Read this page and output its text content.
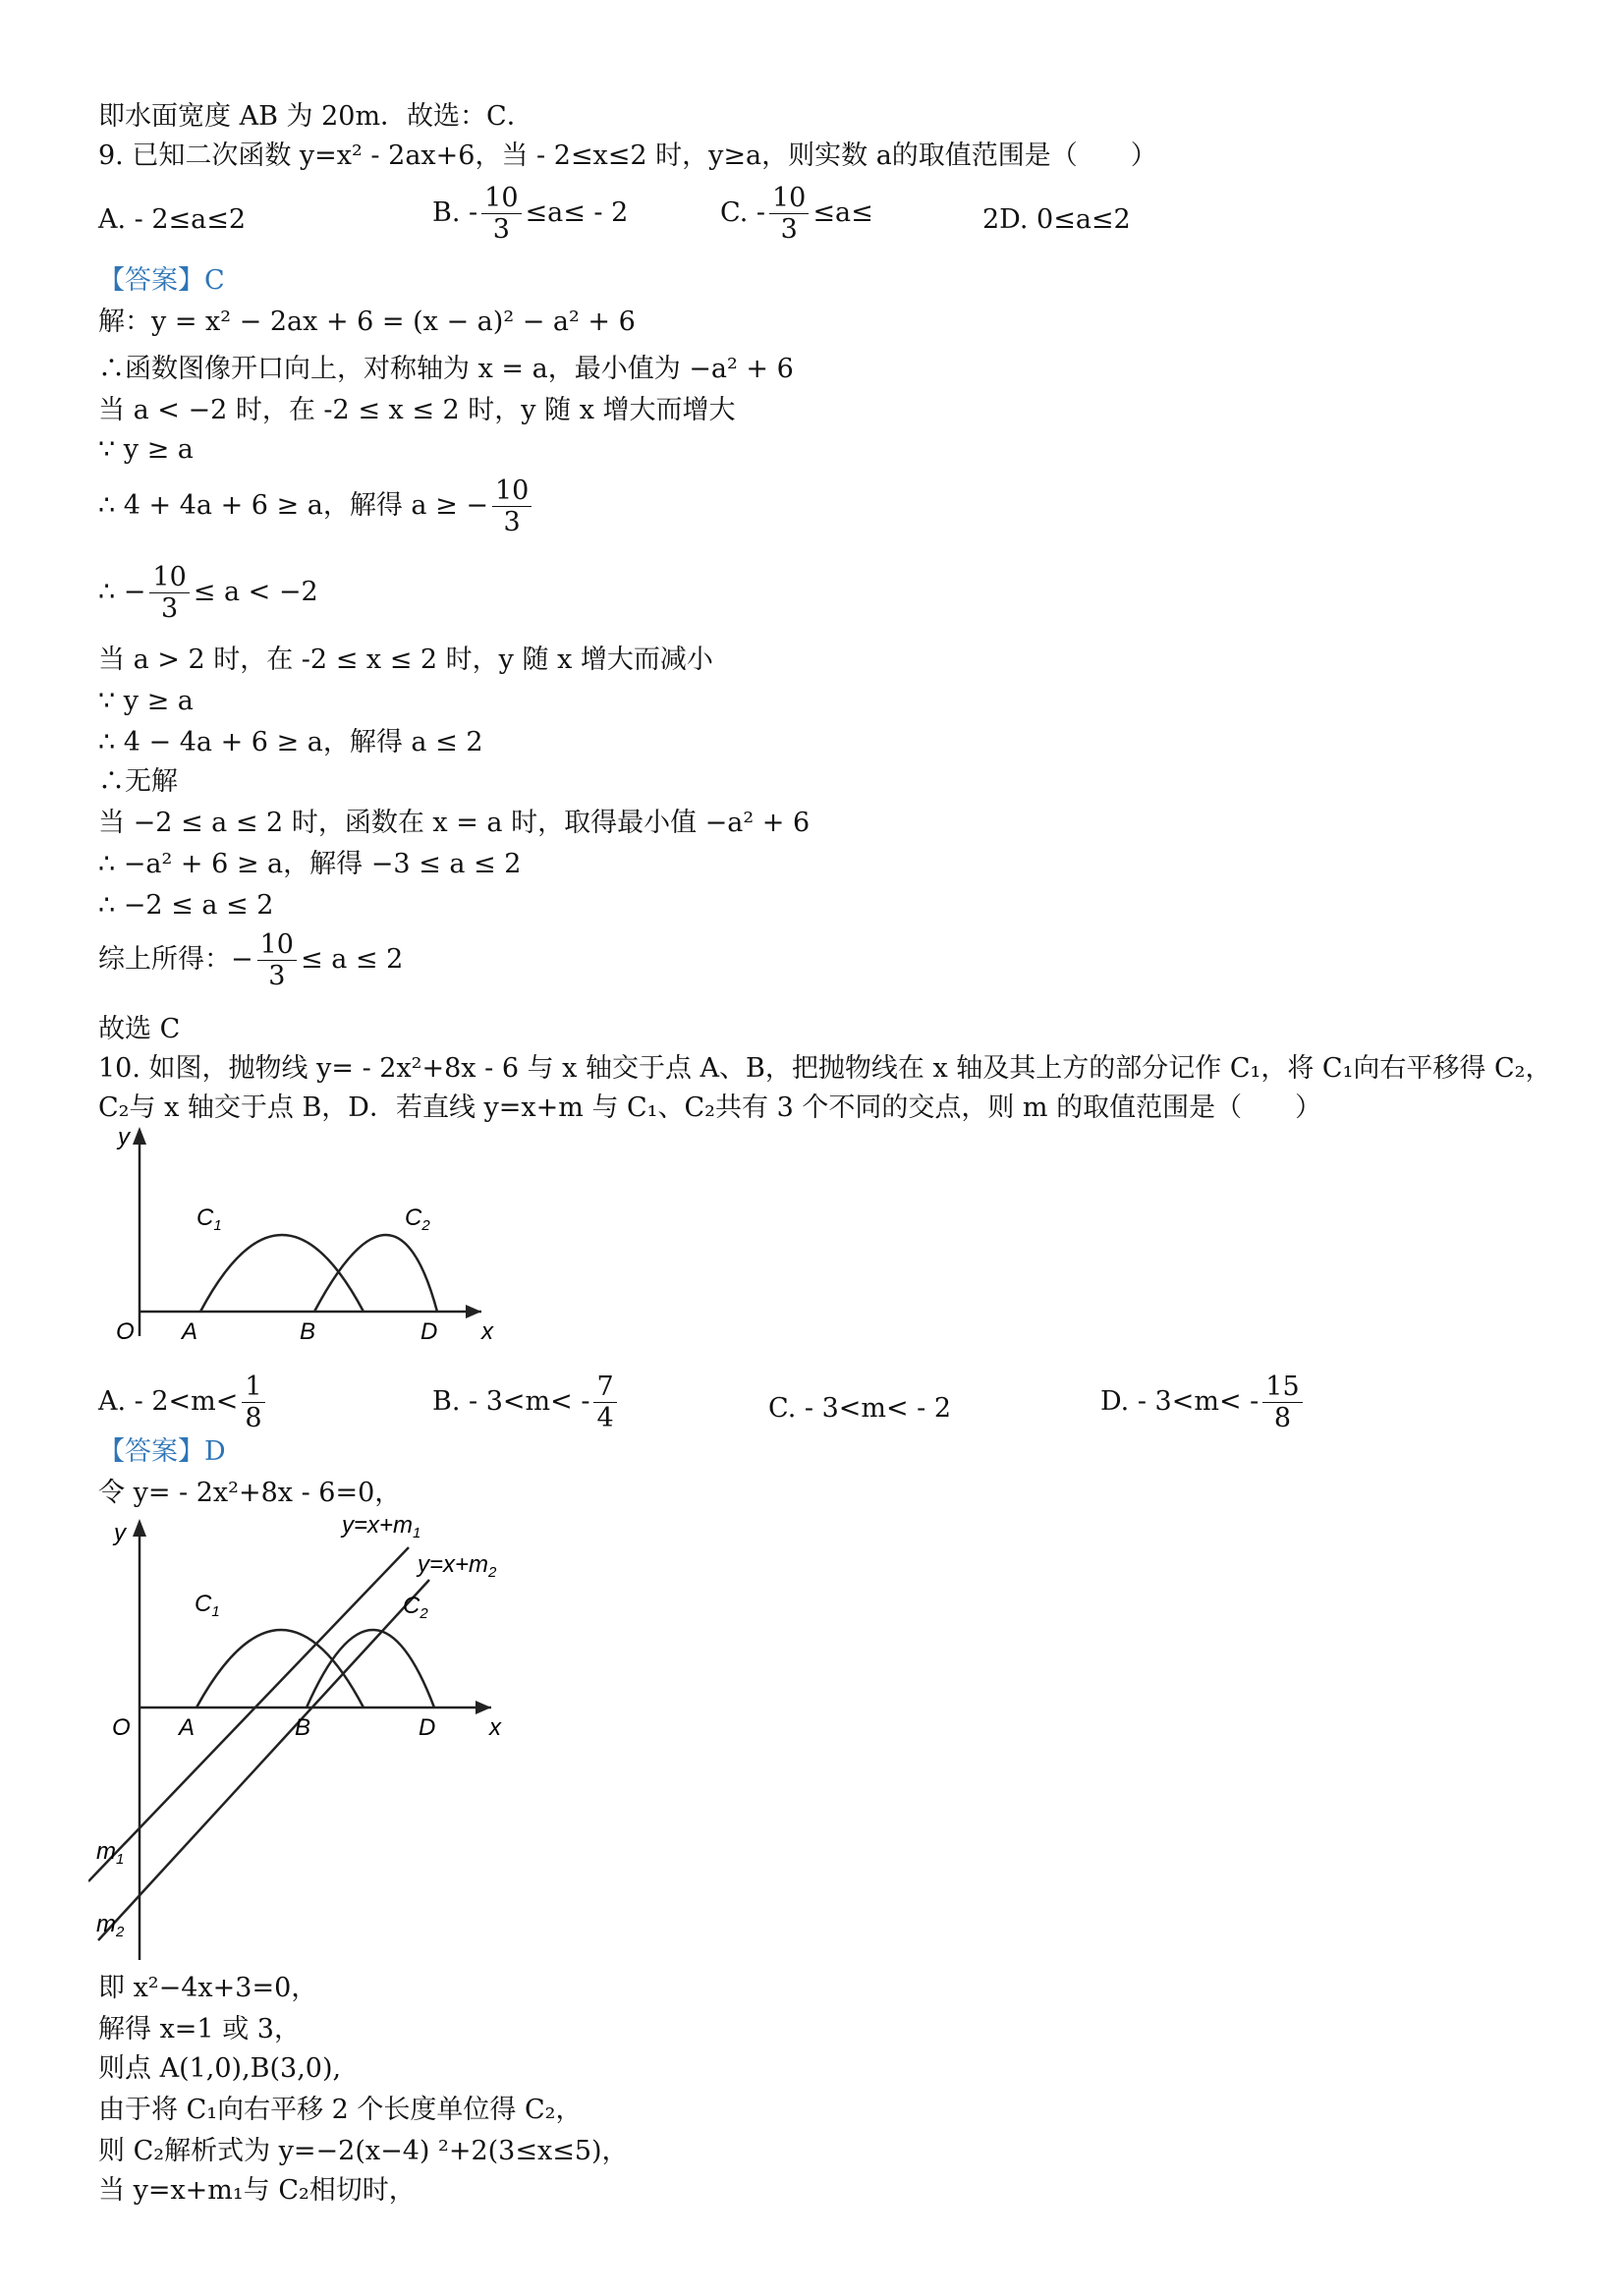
即水面宽度 AB 为 20m．故选：C．
9. 已知二次函数 y=x² - 2ax+6，当 - 2≤x≤2 时，y≥a，则实数 a的取值范围是（　　）
A. - 2≤a≤2	B. - $\frac{10}{3} \le a\le - 2$	C. - $\frac{10}{3} \le a\le$	2D. 0≤a≤2
【答案】C
解：y = x² − 2ax + 6 = (x − a)² − a² + 6
∴函数图像开口向上，对称轴为 x = a，最小值为 −a² + 6
当 a < −2 时，在 -2 ≤ x ≤ 2 时，y 随 x 增大而增大
∵ y ≥ a
∴ 4 + 4a + 6 ≥ a，解得 a ≥ − $\frac{10}{3}$
∴ − $\frac{10}{3} \le a < -2$
当 a > 2 时，在 -2 ≤ x ≤ 2 时，y 随 x 增大而减小
∵ y ≥ a
∴ 4 − 4a + 6 ≥ a，解得 a ≤ 2
∴无解
当 −2 ≤ a ≤ 2 时，函数在 x = a 时，取得最小值 −a² + 6
∴ −a² + 6 ≥ a，解得 −3 ≤ a ≤ 2
∴ −2 ≤ a ≤ 2
综上所得：− $\frac{10}{3} \le a \le 2$
故选 C
10. 如图，抛物线 y= - 2x²+8x - 6 与 x 轴交于点 A、B，把抛物线在 x 轴及其上方的部分记作 C₁，将 C₁向右平移得 C₂，
C₂与 x 轴交于点 B，D．若直线 y=x+m 与 C₁、C₂共有 3 个不同的交点，则 m 的取值范围是（　　）
y
x
O A	B	D
$C_1$	$C_2$
A. - $2<m< \frac{1}{8}$	B. - $3<m< - \frac{7}{4}$	C. - 3<m< - 2	D. - $3<m< - \frac{15}{8}$
【答案】D
令 y= - 2x²+8x - 6=0，
y
x
O A	B	D
$C_1$	$C_2$
$y=x+m_1$
$y=x+m_2$
$m_1$
$m_2$
即 x²−4x+3=0，
解得 x=1 或 3，
则点 A(1,0),B(3,0),
由于将 C₁向右平移 2 个长度单位得 C₂，
则 C₂解析式为 y=−2(x−4) ²+2(3≤x≤5)，
当 y=x+m₁与 C₂相切时，
